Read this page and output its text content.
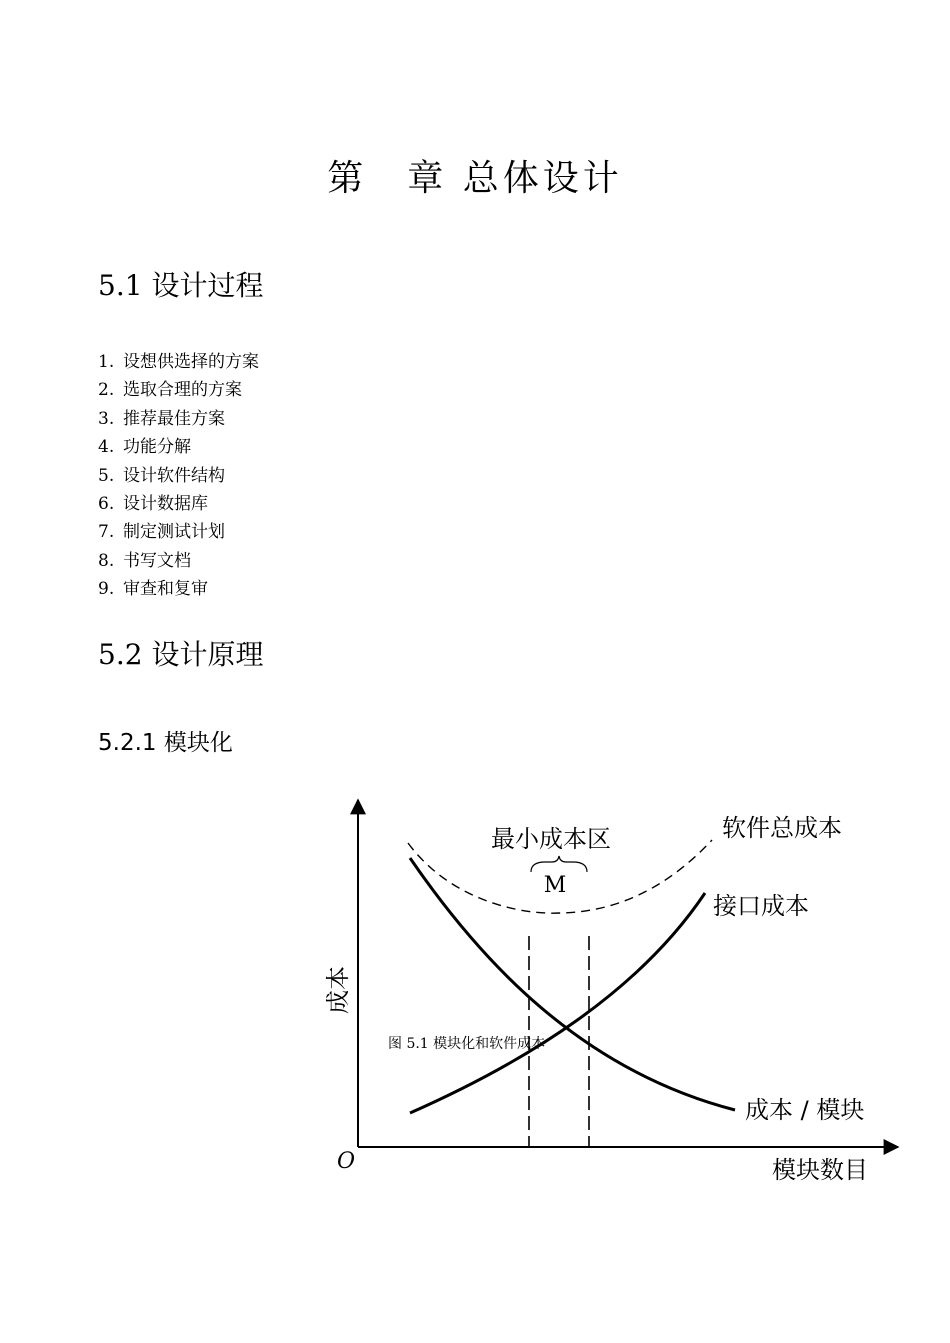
第 章 总体设计
5.1 设计过程
1. 设想供选择的方案
2. 选取合理的方案
3. 推荐最佳方案
4. 功能分解
5. 设计软件结构
6. 设计数据库
7. 制定测试计划
8. 书写文档
9. 审查和复审
5.2 设计原理
5.2.1 模块化
最小成本区
M
软件总成本
接口成本
成本 / 模块
模块数目
O
成本
图 5.1 模块化和软件成本
